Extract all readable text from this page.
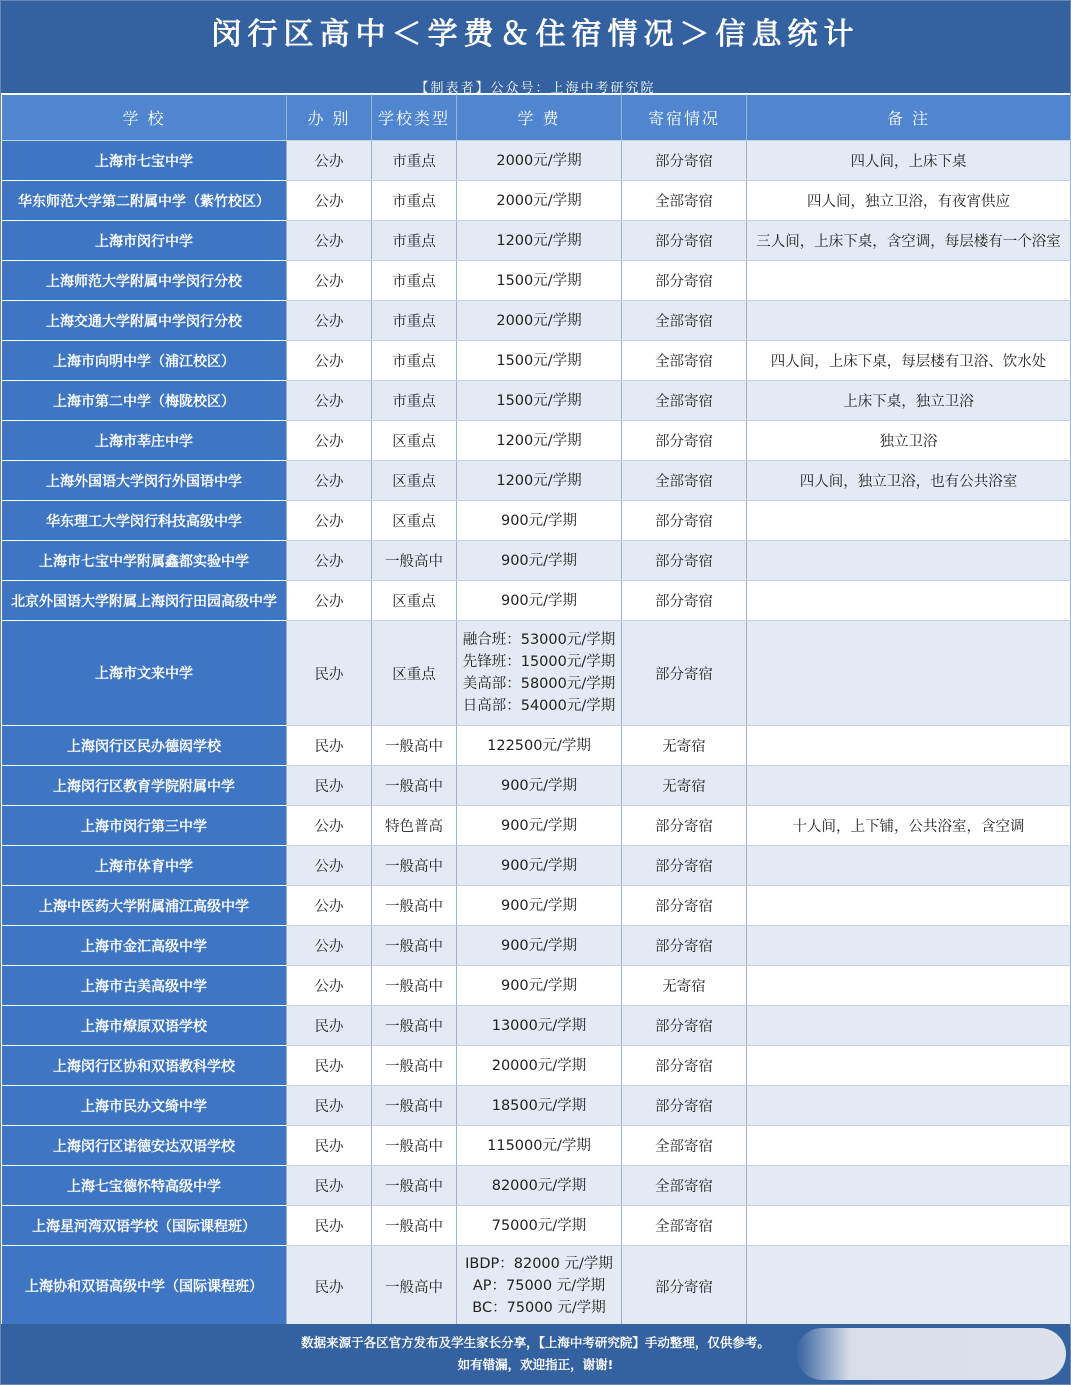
闵行区高中＜学费＆住宿情况＞信息统计
【制表者】公众号：上海中考研究院
学 校	办 别	学校类型	学 费	寄宿情况	备 注
上海市七宝中学	公办	市重点	2000元/学期	部分寄宿	四人间，上床下桌
华东师范大学第二附属中学（紫竹校区）	公办	市重点	2000元/学期	全部寄宿	四人间，独立卫浴，有夜宵供应
上海市闵行中学	公办	市重点	1200元/学期	部分寄宿	三人间，上床下桌，含空调，每层楼有一个浴室
上海师范大学附属中学闵行分校	公办	市重点	1500元/学期	部分寄宿	
上海交通大学附属中学闵行分校	公办	市重点	2000元/学期	全部寄宿	
上海市向明中学（浦江校区）	公办	市重点	1500元/学期	全部寄宿	四人间，上床下桌，每层楼有卫浴、饮水处
上海市第二中学（梅陇校区）	公办	市重点	1500元/学期	全部寄宿	上床下桌，独立卫浴
上海市莘庄中学	公办	区重点	1200元/学期	部分寄宿	独立卫浴
上海外国语大学闵行外国语中学	公办	区重点	1200元/学期	全部寄宿	四人间，独立卫浴，也有公共浴室
华东理工大学闵行科技高级中学	公办	区重点	900元/学期	部分寄宿	
上海市七宝中学附属鑫都实验中学	公办	一般高中	900元/学期	部分寄宿	
北京外国语大学附属上海闵行田园高级中学	公办	区重点	900元/学期	部分寄宿	
上海市文来中学	民办	区重点	融合班：53000元/学期
先锋班：15000元/学期
美高部：58000元/学期
日高部：54000元/学期	部分寄宿	
上海闵行区民办德闳学校	民办	一般高中	122500元/学期	无寄宿	
上海闵行区教育学院附属中学	民办	一般高中	900元/学期	无寄宿	
上海市闵行第三中学	公办	特色普高	900元/学期	部分寄宿	十人间，上下铺，公共浴室，含空调
上海市体育中学	公办	一般高中	900元/学期	部分寄宿	
上海中医药大学附属浦江高级中学	公办	一般高中	900元/学期	部分寄宿	
上海市金汇高级中学	公办	一般高中	900元/学期	部分寄宿	
上海市古美高级中学	公办	一般高中	900元/学期	无寄宿	
上海市燎原双语学校	民办	一般高中	13000元/学期	部分寄宿	
上海闵行区协和双语教科学校	民办	一般高中	20000元/学期	部分寄宿	
上海市民办文绮中学	民办	一般高中	18500元/学期	部分寄宿	
上海闵行区诺德安达双语学校	民办	一般高中	115000元/学期	全部寄宿	
上海七宝德怀特高级中学	民办	一般高中	82000元/学期	全部寄宿	
上海星河湾双语学校（国际课程班）	民办	一般高中	75000元/学期	全部寄宿	
上海协和双语高级中学（国际课程班）	民办	一般高中	IBDP：82000 元/学期
AP：75000 元/学期
BC：75000 元/学期	部分寄宿	
数据来源于各区官方发布及学生家长分享，【上海中考研究院】手动整理，仅供参考。
如有错漏，欢迎指正，谢谢!
